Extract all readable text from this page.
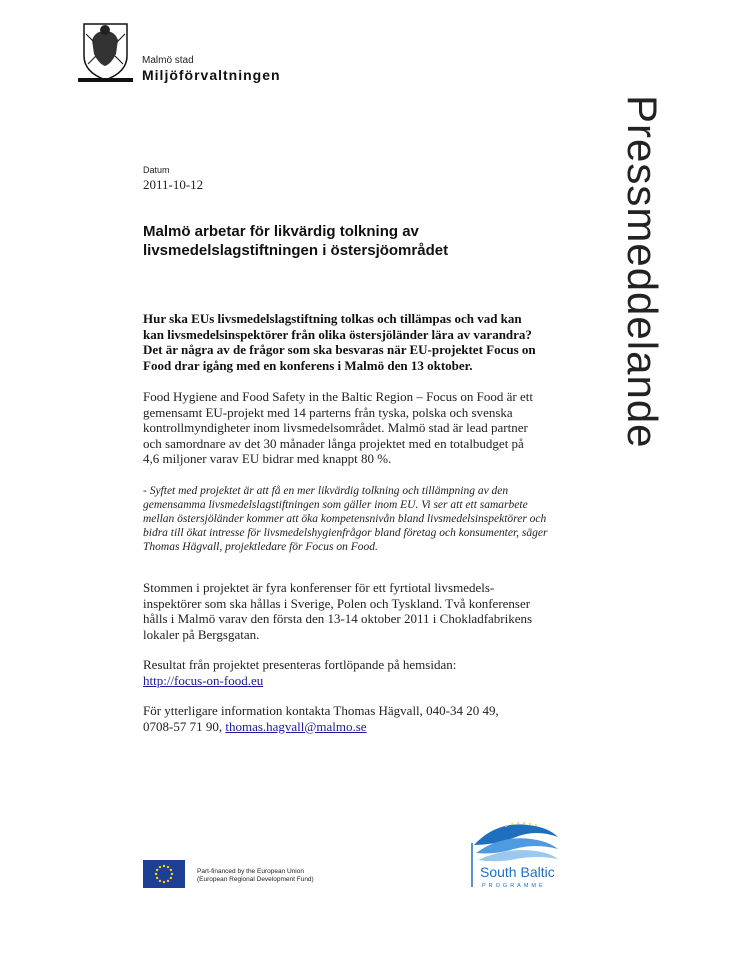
Malmö stad
Miljöförvaltningen
Pressmeddelande
Datum
2011-10-12
Malmö arbetar för likvärdig tolkning av
livsmedelslagstiftningen i östersjöområdet
Hur ska EUs livsmedelslagstiftning tolkas och tillämpas och vad kan
kan livsmedelsinspektörer från olika östersjöländer lära av varandra?
Det är några av de frågor som ska besvaras när EU-projektet Focus on
Food drar igång med en konferens i Malmö den 13 oktober.
Food Hygiene and Food Safety in the Baltic Region – Focus on Food är ett
gemensamt EU-projekt med 14 parterns från tyska, polska och svenska
kontrollmyndigheter inom livsmedelsområdet. Malmö stad är lead partner
och samordnare av det 30 månader långa projektet med en totalbudget på
4,6 miljoner varav EU bidrar med knappt 80 %.
- Syftet med projektet är att få en mer likvärdig tolkning och tillämpning av den
gemensamma livsmedelslagstiftningen som gäller inom EU. Vi ser att ett samarbete
mellan östersjöländer kommer att öka kompetensnivån bland livsmedelsinspektörer och
bidra till ökat intresse för livsmedelshygienfrågor bland företag och konsumenter, säger
Thomas Hägvall, projektledare för Focus on Food.
Stommen i projektet är fyra konferenser för ett fyrtiotal livsmedels-
inspektörer som ska hållas i Sverige, Polen och Tyskland. Två konferenser
hålls i Malmö varav den första den 13-14 oktober 2011 i Chokladfabrikens
lokaler på Bergsgatan.
Resultat från projektet presenteras fortlöpande på hemsidan:
http://focus-on-food.eu
För ytterligare information kontakta Thomas Hägvall, 040-34 20 49,
0708-57 71 90, thomas.hagvall@malmo.se
Part-financed by the European Union
(European Regional Development Fund)	South Baltic
PROGRAMME
